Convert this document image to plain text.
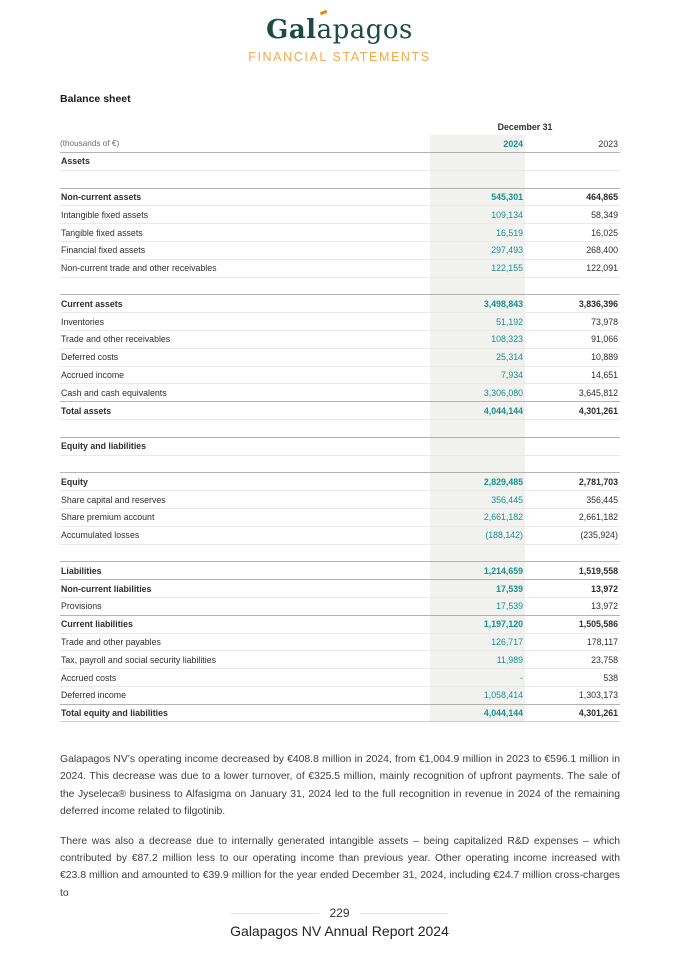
Gala
pagos
FINANCIAL STATEMENTS
Balance sheet
December 31
(thousands of €)	2024	2023
Assets
Non-current assets	545,301	464,865
Intangible fixed assets	109,134	58,349
Tangible fixed assets	16,519	16,025
Financial fixed assets	297,493	268,400
Non-current trade and other receivables	122,155	122,091
Current assets	3,498,843	3,836,396
Inventories	51,192	73,978
Trade and other receivables	108,323	91,066
Deferred costs	25,314	10,889
Accrued income	7,934	14,651
Cash and cash equivalents	3,306,080	3,645,812
Total assets	4,044,144	4,301,261
Equity and liabilities
Equity	2,829,485	2,781,703
Share capital and reserves	356,445	356,445
Share premium account	2,661,182	2,661,182
Accumulated losses	(188,142)	(235,924)
Liabilities	1,214,659	1,519,558
Non-current liabilities	17,539	13,972
Provisions	17,539	13,972
Current liabilities	1,197,120	1,505,586
Trade and other payables	126,717	178,117
Tax, payroll and social security liabilities	11,989	23,758
Accrued costs	-	538
Deferred income	1,058,414	1,303,173
Total equity and liabilities	4,044,144	4,301,261

Galapagos NV's operating income decreased by €408.8 million in 2024, from €1,004.9 million in 2023 to €596.1 million in 2024. This decrease was due to a lower turnover, of €325.5 million, mainly recognition of upfront payments. The sale of the Jyseleca® business to Alfasigma on January 31, 2024 led to the full recognition in revenue in 2024 of the remaining deferred income related to filgotinib.

There was also a decrease due to internally generated intangible assets – being capitalized R&D expenses – which contributed by €87.2 million less to our operating income than previous year. Other operating income increased with €23.8 million and amounted to €39.9 million for the year ended December 31, 2024, including €24.7 million cross-charges to

229
Galapagos NV Annual Report 2024
